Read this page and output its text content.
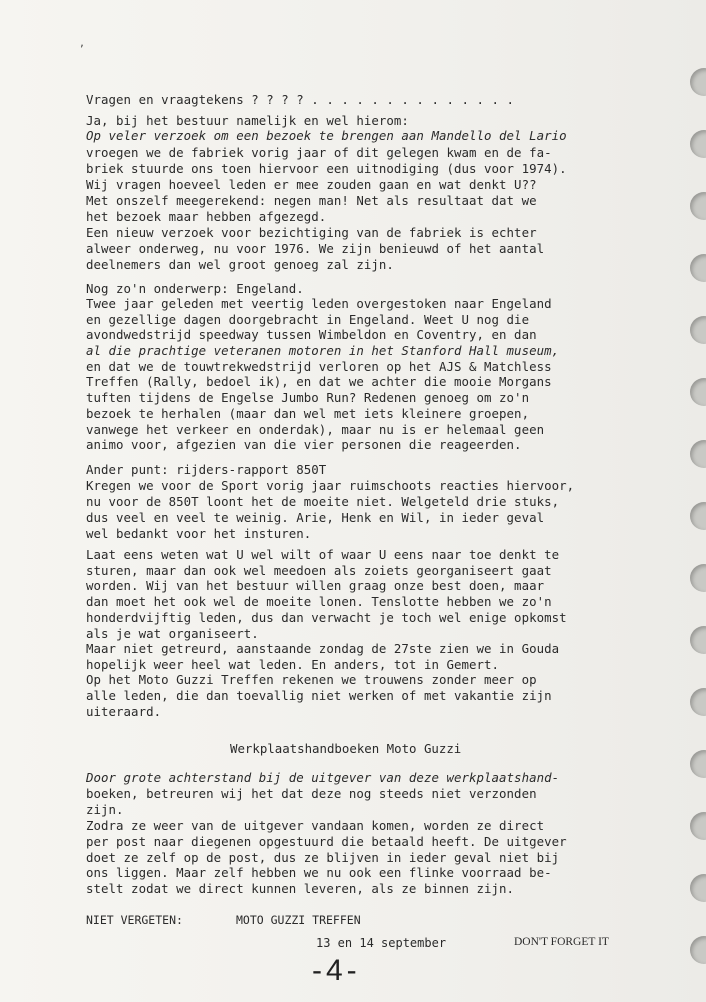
,
Vragen en vraagtekens ? ? ? ? . . . . . . . . . . . . . .
Ja, bij het bestuur namelijk en wel hierom:
Op veler verzoek om een bezoek te brengen aan Mandello del Lario
vroegen we de fabriek vorig jaar of dit gelegen kwam en de fa-
briek stuurde ons toen hiervoor een uitnodiging (dus voor 1974).
Wij vragen hoeveel leden er mee zouden gaan en wat denkt U??
Met onszelf meegerekend: negen man! Net als resultaat dat we
het bezoek maar hebben afgezegd.
Een nieuw verzoek voor bezichtiging van de fabriek is echter
alweer onderweg, nu voor 1976. We zijn benieuwd of het aantal
deelnemers dan wel groot genoeg zal zijn.
Nog zo'n onderwerp: Engeland.
Twee jaar geleden met veertig leden overgestoken naar Engeland
en gezellige dagen doorgebracht in Engeland. Weet U nog die
avondwedstrijd speedway tussen Wimbeldon en Coventry, en dan
al die prachtige veteranen motoren in het Stanford Hall museum,
en dat we de touwtrekwedstrijd verloren op het AJS & Matchless
Treffen (Rally, bedoel ik), en dat we achter die mooie Morgans
tuften tijdens de Engelse Jumbo Run? Redenen genoeg om zo'n
bezoek te herhalen (maar dan wel met iets kleinere groepen,
vanwege het verkeer en onderdak), maar nu is er helemaal geen
animo voor, afgezien van die vier personen die reageerden.
Ander punt: rijders-rapport 850T
Kregen we voor de Sport vorig jaar ruimschoots reacties hiervoor,
nu voor de 850T loont het de moeite niet. Welgeteld drie stuks,
dus veel en veel te weinig. Arie, Henk en Wil, in ieder geval
wel bedankt voor het insturen.
Laat eens weten wat U wel wilt of waar U eens naar toe denkt te
sturen, maar dan ook wel meedoen als zoiets georganiseert gaat
worden. Wij van het bestuur willen graag onze best doen, maar
dan moet het ook wel de moeite lonen. Tenslotte hebben we zo'n
honderdvijftig leden, dus dan verwacht je toch wel enige opkomst
als je wat organiseert.
Maar niet getreurd, aanstaande zondag de 27ste zien we in Gouda
hopelijk weer heel wat leden. En anders, tot in Gemert.
Op het Moto Guzzi Treffen rekenen we trouwens zonder meer op
alle leden, die dan toevallig niet werken of met vakantie zijn
uiteraard.
Werkplaatshandboeken Moto Guzzi
Door grote achterstand bij de uitgever van deze werkplaatshand-
boeken, betreuren wij het dat deze nog steeds niet verzonden
zijn.
Zodra ze weer van de uitgever vandaan komen, worden ze direct
per post naar diegenen opgestuurd die betaald heeft. De uitgever
doet ze zelf op de post, dus ze blijven in ieder geval niet bij
ons liggen. Maar zelf hebben we nu ook een flinke voorraad be-
stelt zodat we direct kunnen leveren, als ze binnen zijn.
NIET VERGETEN:	MOTO GUZZI TREFFEN
13 en 14 september	DON'T FORGET IT
-4-
